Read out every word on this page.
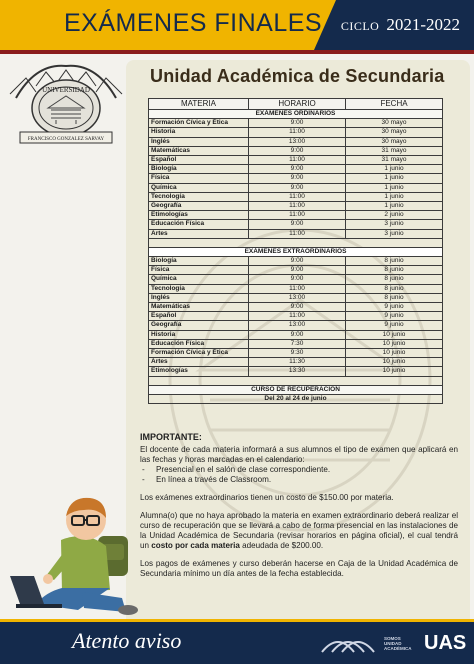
EXÁMENES FINALES CICLO 2021-2022
UNIVERSIDAD
FRANCISCO GONZALEZ SARVAY
Unidad Académica de Secundaria
MATERIA	HORARIO	FECHA
EXÁMENES ORDINARIOS		
Formación Cívica y Ética	9:00	30 mayo
Historia	11:00	30 mayo
Inglés	13:00	30 mayo
Matemáticas	9:00	31 mayo
Español	11:00	31 mayo
Biología	9:00	1 junio
Física	9:00	1 junio
Química	9:00	1 junio
Tecnología	11:00	1 junio
Geografía	11:00	1 junio
Etimologías	11:00	2 junio
Educación Física	9:00	3 junio
Artes	11:00	3 junio

EXÁMENES EXTRAORDINARIOS		
Biología	9:00	8 junio
Física	9:00	8 junio
Química	9:00	8 junio
Tecnología	11:00	8 junio
Inglés	13:00	8 junio
Matemáticas	9:00	9 junio
Español	11:00	9 junio
Geografía	13:00	9 junio
Historia	9:00	10 junio
Educación Física	7:30	10 junio
Formación Cívica y Ética	9:30	10 junio
Artes	11:30	10 junio
Etimologías	13:30	10 junio

CURSO DE RECUPERACIÓN		
Del 20 al 24 de junio		
IMPORTANTE:

El docente de cada materia informará a sus alumnos el tipo de examen que aplicará en las fechas y horas marcadas en el calendario:

-	Presencial en el salón de clase correspondiente.
-	En línea a través de Classroom.

Los exámenes extraordinarios tienen un costo de $150.00 por materia.

Alumna(o) que no haya aprobado la materia en examen extraordinario deberá realizar el curso de recuperación que se llevará a cabo de forma presencial en las instalaciones de la Unidad Académica de Secundaria (revisar horarios en página oficial), el cual tendrá un costo por cada materia adeudada de $200.00.

Los pagos de exámenes y curso deberán hacerse en Caja de la Unidad Académica de Secundaria mínimo un día antes de la fecha establecida.

Atento aviso	SOMOS UNIDAD ACADÉMICA UAS
